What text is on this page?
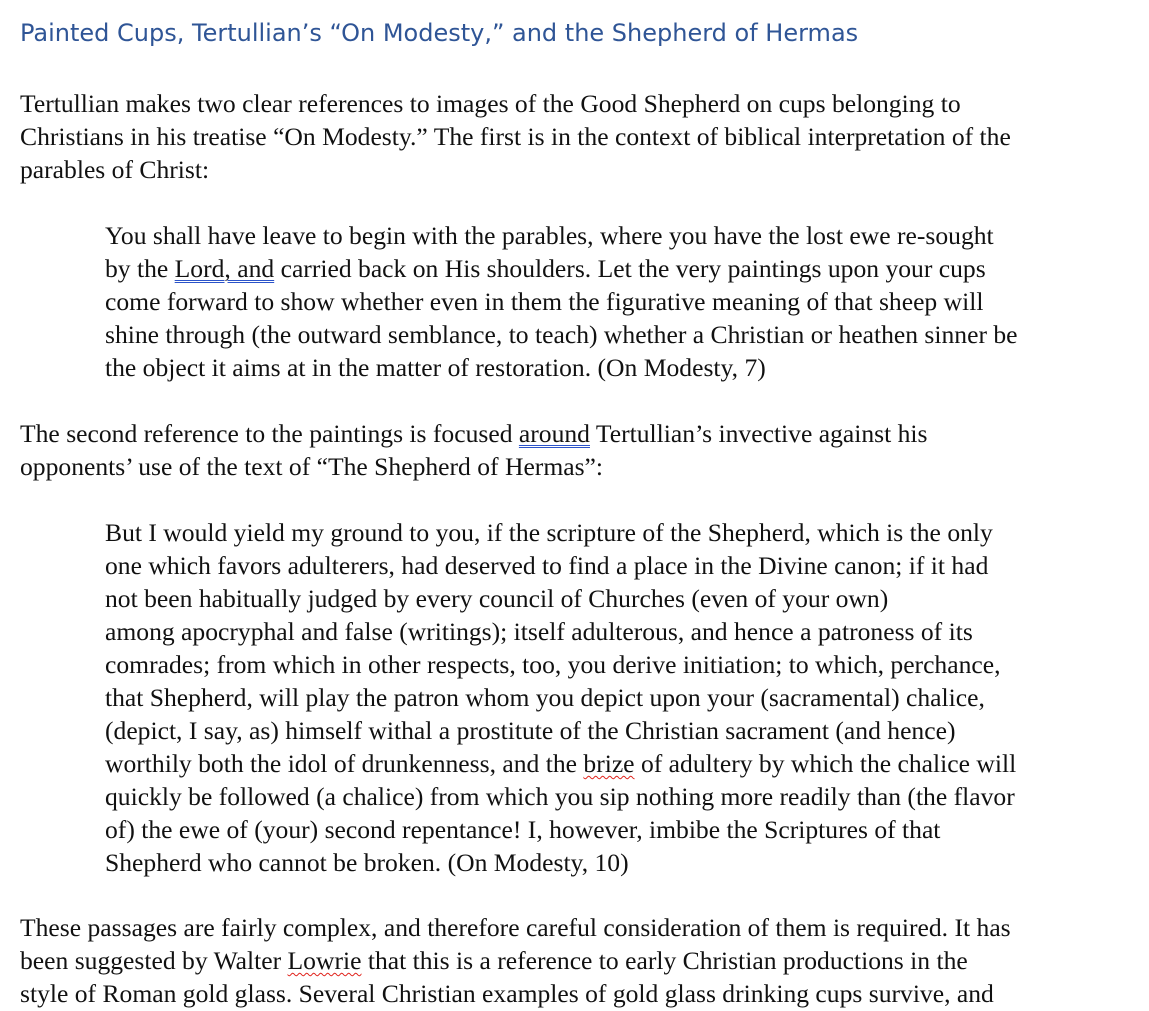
Painted Cups, Tertullian’s “On Modesty,” and the Shepherd of Hermas

Tertullian makes two clear references to images of the Good Shepherd on cups belonging to

Christians in his treatise “On Modesty.” The first is in the context of biblical interpretation of the

parables of Christ:

You shall have leave to begin with the parables, where you have the lost ewe re-sought

by the Lord, and carried back on His shoulders. Let the very paintings upon your cups

come forward to show whether even in them the figurative meaning of that sheep will

shine through (the outward semblance, to teach) whether a Christian or heathen sinner be

the object it aims at in the matter of restoration. (On Modesty, 7)

The second reference to the paintings is focused around Tertullian’s invective against his

opponents’ use of the text of “The Shepherd of Hermas”:

But I would yield my ground to you, if the scripture of the Shepherd, which is the only

one which favors adulterers, had deserved to find a place in the Divine canon; if it had

not been habitually judged by every council of Churches (even of your own)

among apocryphal and false (writings); itself adulterous, and hence a patroness of its

comrades; from which in other respects, too, you derive initiation; to which, perchance,

that Shepherd, will play the patron whom you depict upon your (sacramental) chalice,

(depict, I say, as) himself withal a prostitute of the Christian sacrament (and hence)

worthily both the idol of drunkenness, and the brize of adultery by which the chalice will

quickly be followed (a chalice) from which you sip nothing more readily than (the flavor

of) the ewe of (your) second repentance! I, however, imbibe the Scriptures of that

Shepherd who cannot be broken. (On Modesty, 10)

These passages are fairly complex, and therefore careful consideration of them is required. It has

been suggested by Walter Lowrie that this is a reference to early Christian productions in the

style of Roman gold glass. Several Christian examples of gold glass drinking cups survive, and
